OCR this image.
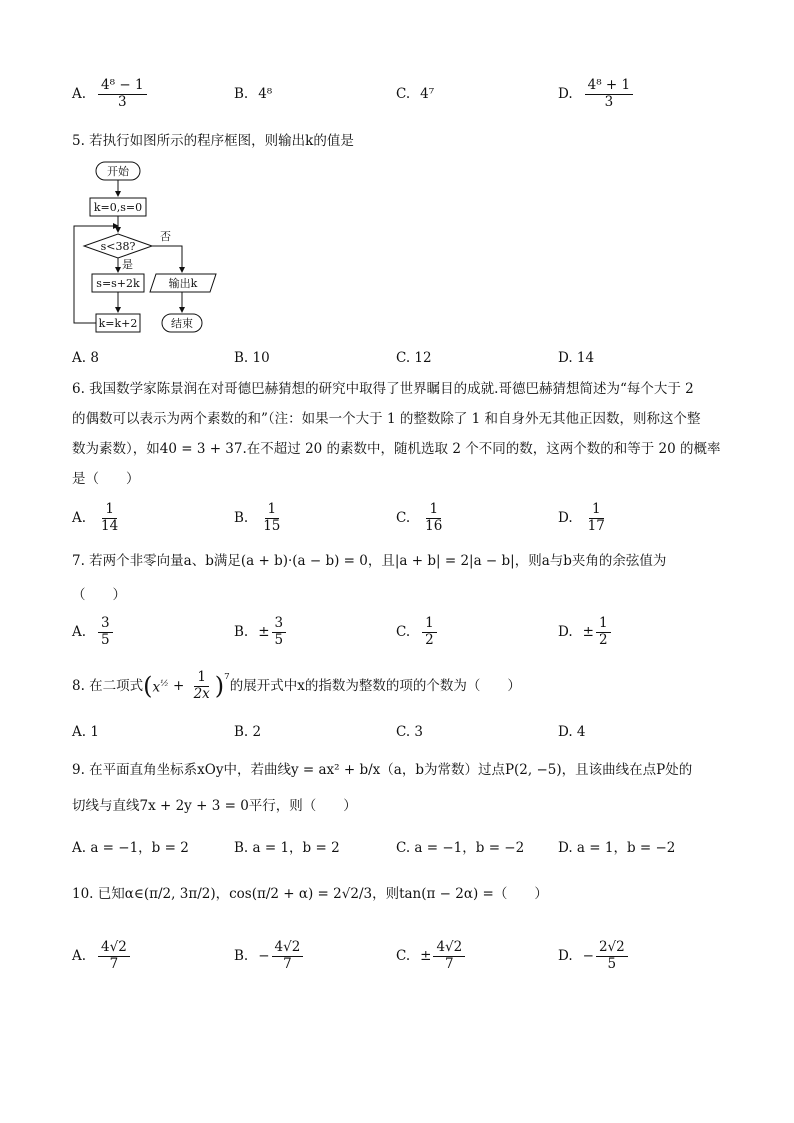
A. $\frac{\text{4⁸ − 1}}{3}$	B. 4⁸	C. 4⁷	D. $\frac{\text{4⁸ + 1}}{3}$

5. 若执行如图所示的程序框图，则输出k的值是

开始
k=0,s=0
s<38?
否
是
s=s+2k	输出k
k=k+2	结束
A. 8	B. 10	C. 12	D. 14

6. 我国数学家陈景润在对哥德巴赫猜想的研究中取得了世界瞩目的成就.哥德巴赫猜想简述为“每个大于 2

的偶数可以表示为两个素数的和”（注：如果一个大于 1 的整数除了 1 和自身外无其他正因数，则称这个整

数为素数），如40 = 3 + 37.在不超过 20 的素数中，随机选取 2 个不同的数，这两个数的和等于 20 的概率

是（　　）

A. $\frac{1}{14}$	B. $\frac{1}{15}$	C. $\frac{1}{16}$	D. $\frac{1}{17}$

7. 若两个非零向量a、b满足(a + b)·(a − b) = 0，且|a + b| = 2|a − b|，则a与b夹角的余弦值为

（　　）

A. $\frac{3}{5}$	B. ± $\frac{3}{5}$	C. $\frac{1}{2}$	D. ± $\frac{1}{2}$
8. 在二项式 ( $x^{\frac{1}{2}} + \frac{1}{2x} )^7$
的展开式中x的指数为整数的项的个数为（　　）
A. 1	B. 2	C. 3	D. 4

9. 在平面直角坐标系xOy中，若曲线y = ax² + b/x（a，b为常数）过点P(2, −5)，且该曲线在点P处的

切线与直线7x + 2y + 3 = 0平行，则（　　）

A. a = −1，b = 2	B. a = 1，b = 2	C. a = −1，b = −2	D. a = 1，b = −2

10. 已知α∈(π/2, 3π/2)，cos(π/2 + α) = 2√2/3，则tan(π − 2α) =（　　）

A. $\frac{4√2}{7}$	B. − $\frac{4√2}{7}$	C. ± $\frac{4√2}{7}$	D. − $\frac{2√2}{5}$
